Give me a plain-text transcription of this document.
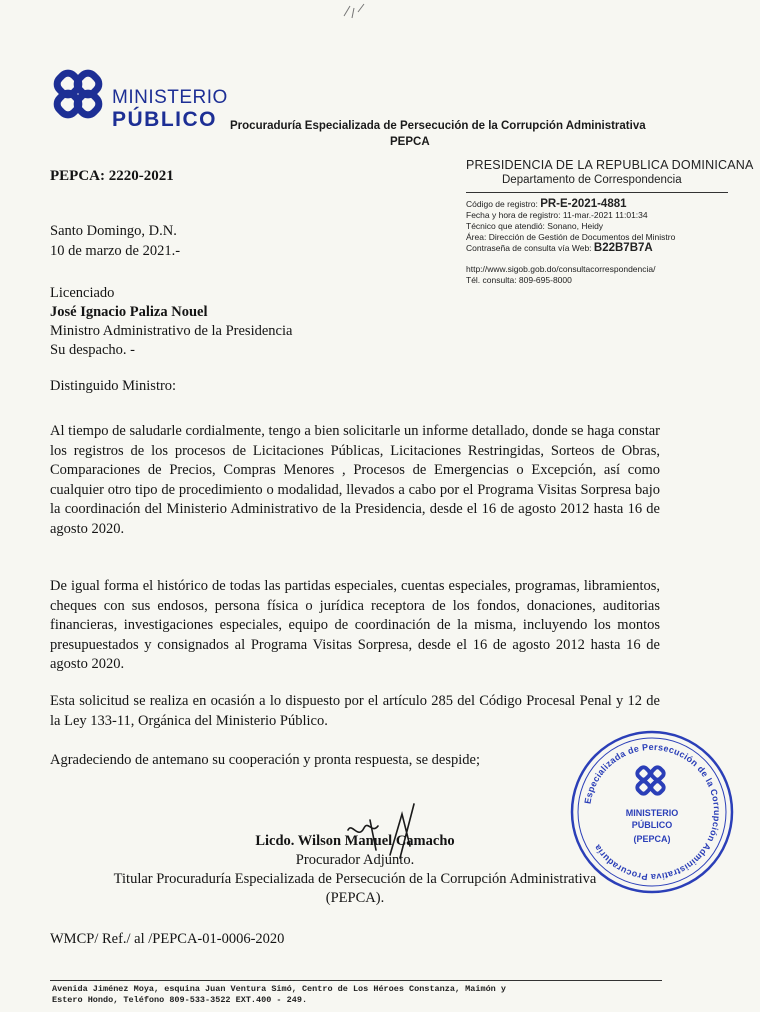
MINISTERIO
PÚBLICO	Procuraduría Especializada de Persecución de la Corrupción Administrativa
PEPCA
PEPCA: 2220-2021
PRESIDENCIA DE LA REPUBLICA DOMINICANA
Departamento de Correspondencia
Código de registro: PR-E-2021-4881
Fecha y hora de registro: 11-mar.-2021 11:01:34
Técnico que atendió: Sonano, Heidy
Área: Dirección de Gestión de Documentos del Ministro
Contraseña de consulta vía Web: B22B7B7A
http://www.sigob.gob.do/consultacorrespondencia/
Tél. consulta: 809-695-8000
Santo Domingo, D.N.
10 de marzo de 2021.-
Licenciado
José Ignacio Paliza Nouel
Ministro Administrativo de la Presidencia
Su despacho. -
Distinguido Ministro:
Al tiempo de saludarle cordialmente, tengo a bien solicitarle un informe detallado, donde se haga constar los registros de los procesos de Licitaciones Públicas, Licitaciones Restringidas, Sorteos de Obras, Comparaciones de Precios, Compras Menores , Procesos de Emergencias o Excepción, así como cualquier otro tipo de procedimiento o modalidad, llevados a cabo por el Programa Visitas Sorpresa bajo la coordinación del Ministerio Administrativo de la Presidencia, desde el 16 de agosto 2012 hasta 16 de agosto 2020.
De igual forma el histórico de todas las partidas especiales, cuentas especiales, programas, libramientos, cheques con sus endosos, persona física o jurídica receptora de los fondos, donaciones, auditorias financieras, investigaciones especiales, equipo de coordinación de la misma, incluyendo los montos presupuestados y consignados al Programa Visitas Sorpresa, desde el 16 de agosto 2012 hasta 16 de agosto 2020.
Esta solicitud se realiza en ocasión a lo dispuesto por el artículo 285 del Código Procesal Penal y 12 de la Ley 133-11, Orgánica del Ministerio Público.
Agradeciendo de antemano su cooperación y pronta respuesta, se despide;
Licdo. Wilson Manuel Camacho
Procurador Adjunto.
Titular Procuraduría Especializada de Persecución de la Corrupción Administrativa
(PEPCA).
Especializada de Persecución de la Corrupción Administrativa Procuraduría
MINISTERIO
PÚBLICO
(PEPCA)
WMCP/ Ref./ al /PEPCA-01-0006-2020
Avenida Jiménez Moya, esquina Juan Ventura Simó, Centro de Los Héroes Constanza, Maimón y
Estero Hondo, Teléfono 809-533-3522 EXT.400 - 249.
